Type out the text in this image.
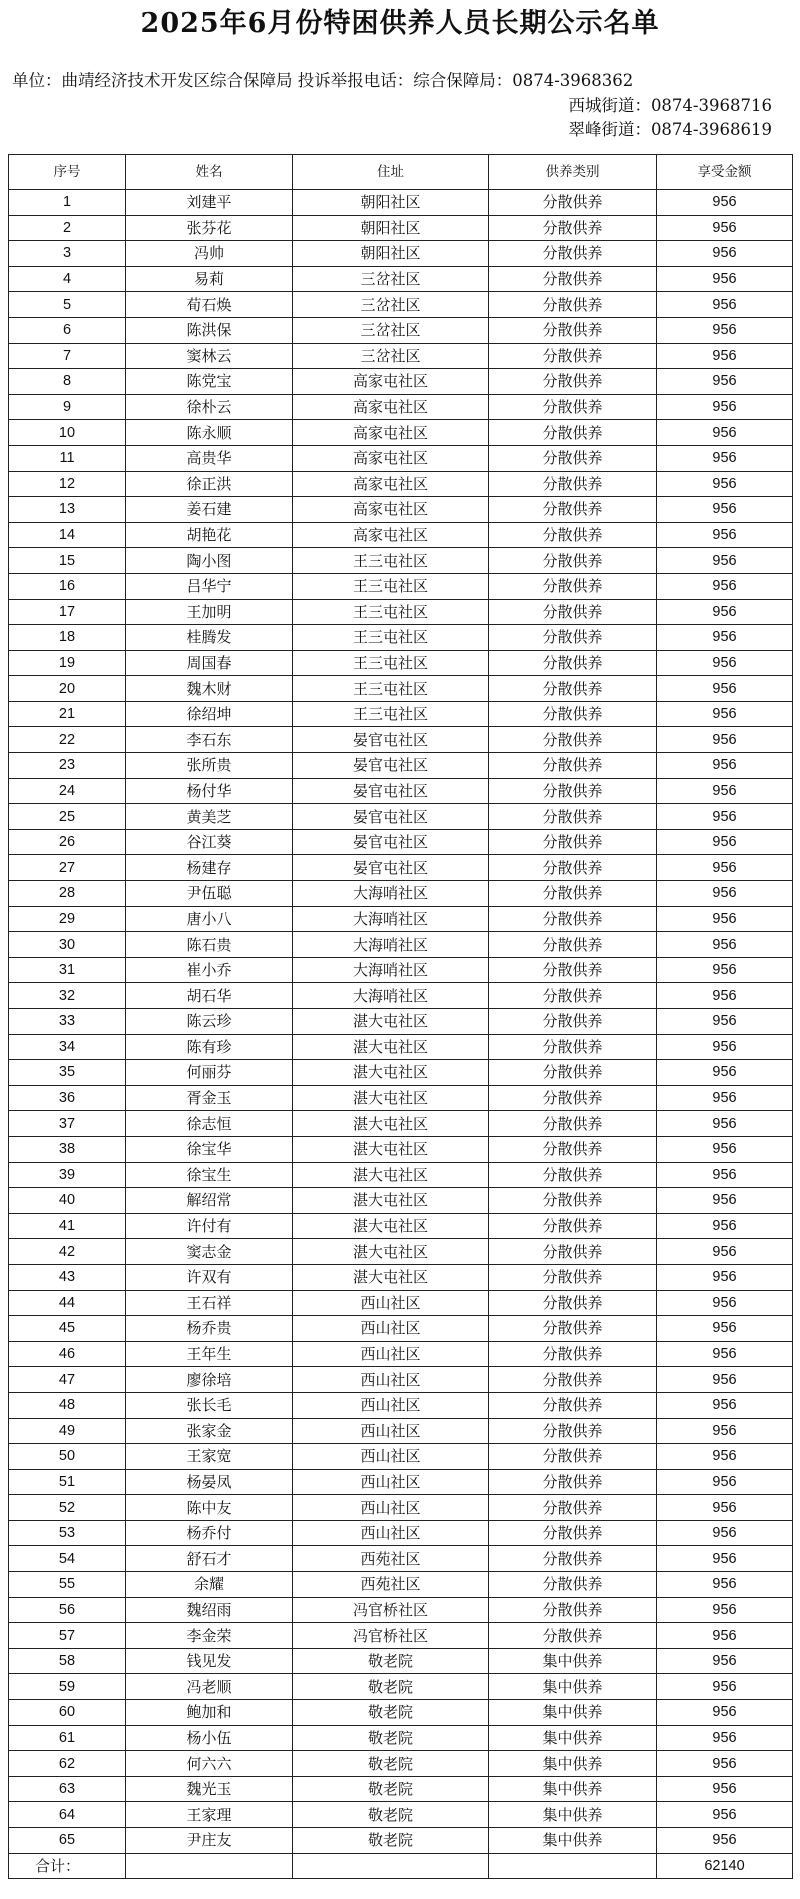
2025年6月份特困供养人员长期公示名单
单位：曲靖经济技术开发区综合保障局 投诉举报电话：综合保障局：0874-3968362
西城街道：0874-3968716
翠峰街道：0874-3968619
序号	姓名	住址	供养类别	享受金额
1	刘建平	朝阳社区	分散供养	956
2	张芬花	朝阳社区	分散供养	956
3	冯帅	朝阳社区	分散供养	956
4	易莉	三岔社区	分散供养	956
5	荀石焕	三岔社区	分散供养	956
6	陈洪保	三岔社区	分散供养	956
7	窦林云	三岔社区	分散供养	956
8	陈党宝	高家屯社区	分散供养	956
9	徐朴云	高家屯社区	分散供养	956
10	陈永顺	高家屯社区	分散供养	956
11	高贵华	高家屯社区	分散供养	956
12	徐正洪	高家屯社区	分散供养	956
13	姜石建	高家屯社区	分散供养	956
14	胡艳花	高家屯社区	分散供养	956
15	陶小图	王三屯社区	分散供养	956
16	吕华宁	王三屯社区	分散供养	956
17	王加明	王三屯社区	分散供养	956
18	桂腾发	王三屯社区	分散供养	956
19	周国春	王三屯社区	分散供养	956
20	魏木财	王三屯社区	分散供养	956
21	徐绍坤	王三屯社区	分散供养	956
22	李石东	晏官屯社区	分散供养	956
23	张所贵	晏官屯社区	分散供养	956
24	杨付华	晏官屯社区	分散供养	956
25	黄美芝	晏官屯社区	分散供养	956
26	谷江葵	晏官屯社区	分散供养	956
27	杨建存	晏官屯社区	分散供养	956
28	尹伍聪	大海哨社区	分散供养	956
29	唐小八	大海哨社区	分散供养	956
30	陈石贵	大海哨社区	分散供养	956
31	崔小乔	大海哨社区	分散供养	956
32	胡石华	大海哨社区	分散供养	956
33	陈云珍	湛大屯社区	分散供养	956
34	陈有珍	湛大屯社区	分散供养	956
35	何丽芬	湛大屯社区	分散供养	956
36	胥金玉	湛大屯社区	分散供养	956
37	徐志恒	湛大屯社区	分散供养	956
38	徐宝华	湛大屯社区	分散供养	956
39	徐宝生	湛大屯社区	分散供养	956
40	解绍常	湛大屯社区	分散供养	956
41	许付有	湛大屯社区	分散供养	956
42	窦志金	湛大屯社区	分散供养	956
43	许双有	湛大屯社区	分散供养	956
44	王石祥	西山社区	分散供养	956
45	杨乔贵	西山社区	分散供养	956
46	王年生	西山社区	分散供养	956
47	廖徐培	西山社区	分散供养	956
48	张长毛	西山社区	分散供养	956
49	张家金	西山社区	分散供养	956
50	王家宽	西山社区	分散供养	956
51	杨晏凤	西山社区	分散供养	956
52	陈中友	西山社区	分散供养	956
53	杨乔付	西山社区	分散供养	956
54	舒石才	西苑社区	分散供养	956
55	余耀	西苑社区	分散供养	956
56	魏绍雨	冯官桥社区	分散供养	956
57	李金荣	冯官桥社区	分散供养	956
58	钱见发	敬老院	集中供养	956
59	冯老顺	敬老院	集中供养	956
60	鲍加和	敬老院	集中供养	956
61	杨小伍	敬老院	集中供养	956
62	何六六	敬老院	集中供养	956
63	魏光玉	敬老院	集中供养	956
64	王家理	敬老院	集中供养	956
65	尹庄友	敬老院	集中供养	956
合计：				62140
